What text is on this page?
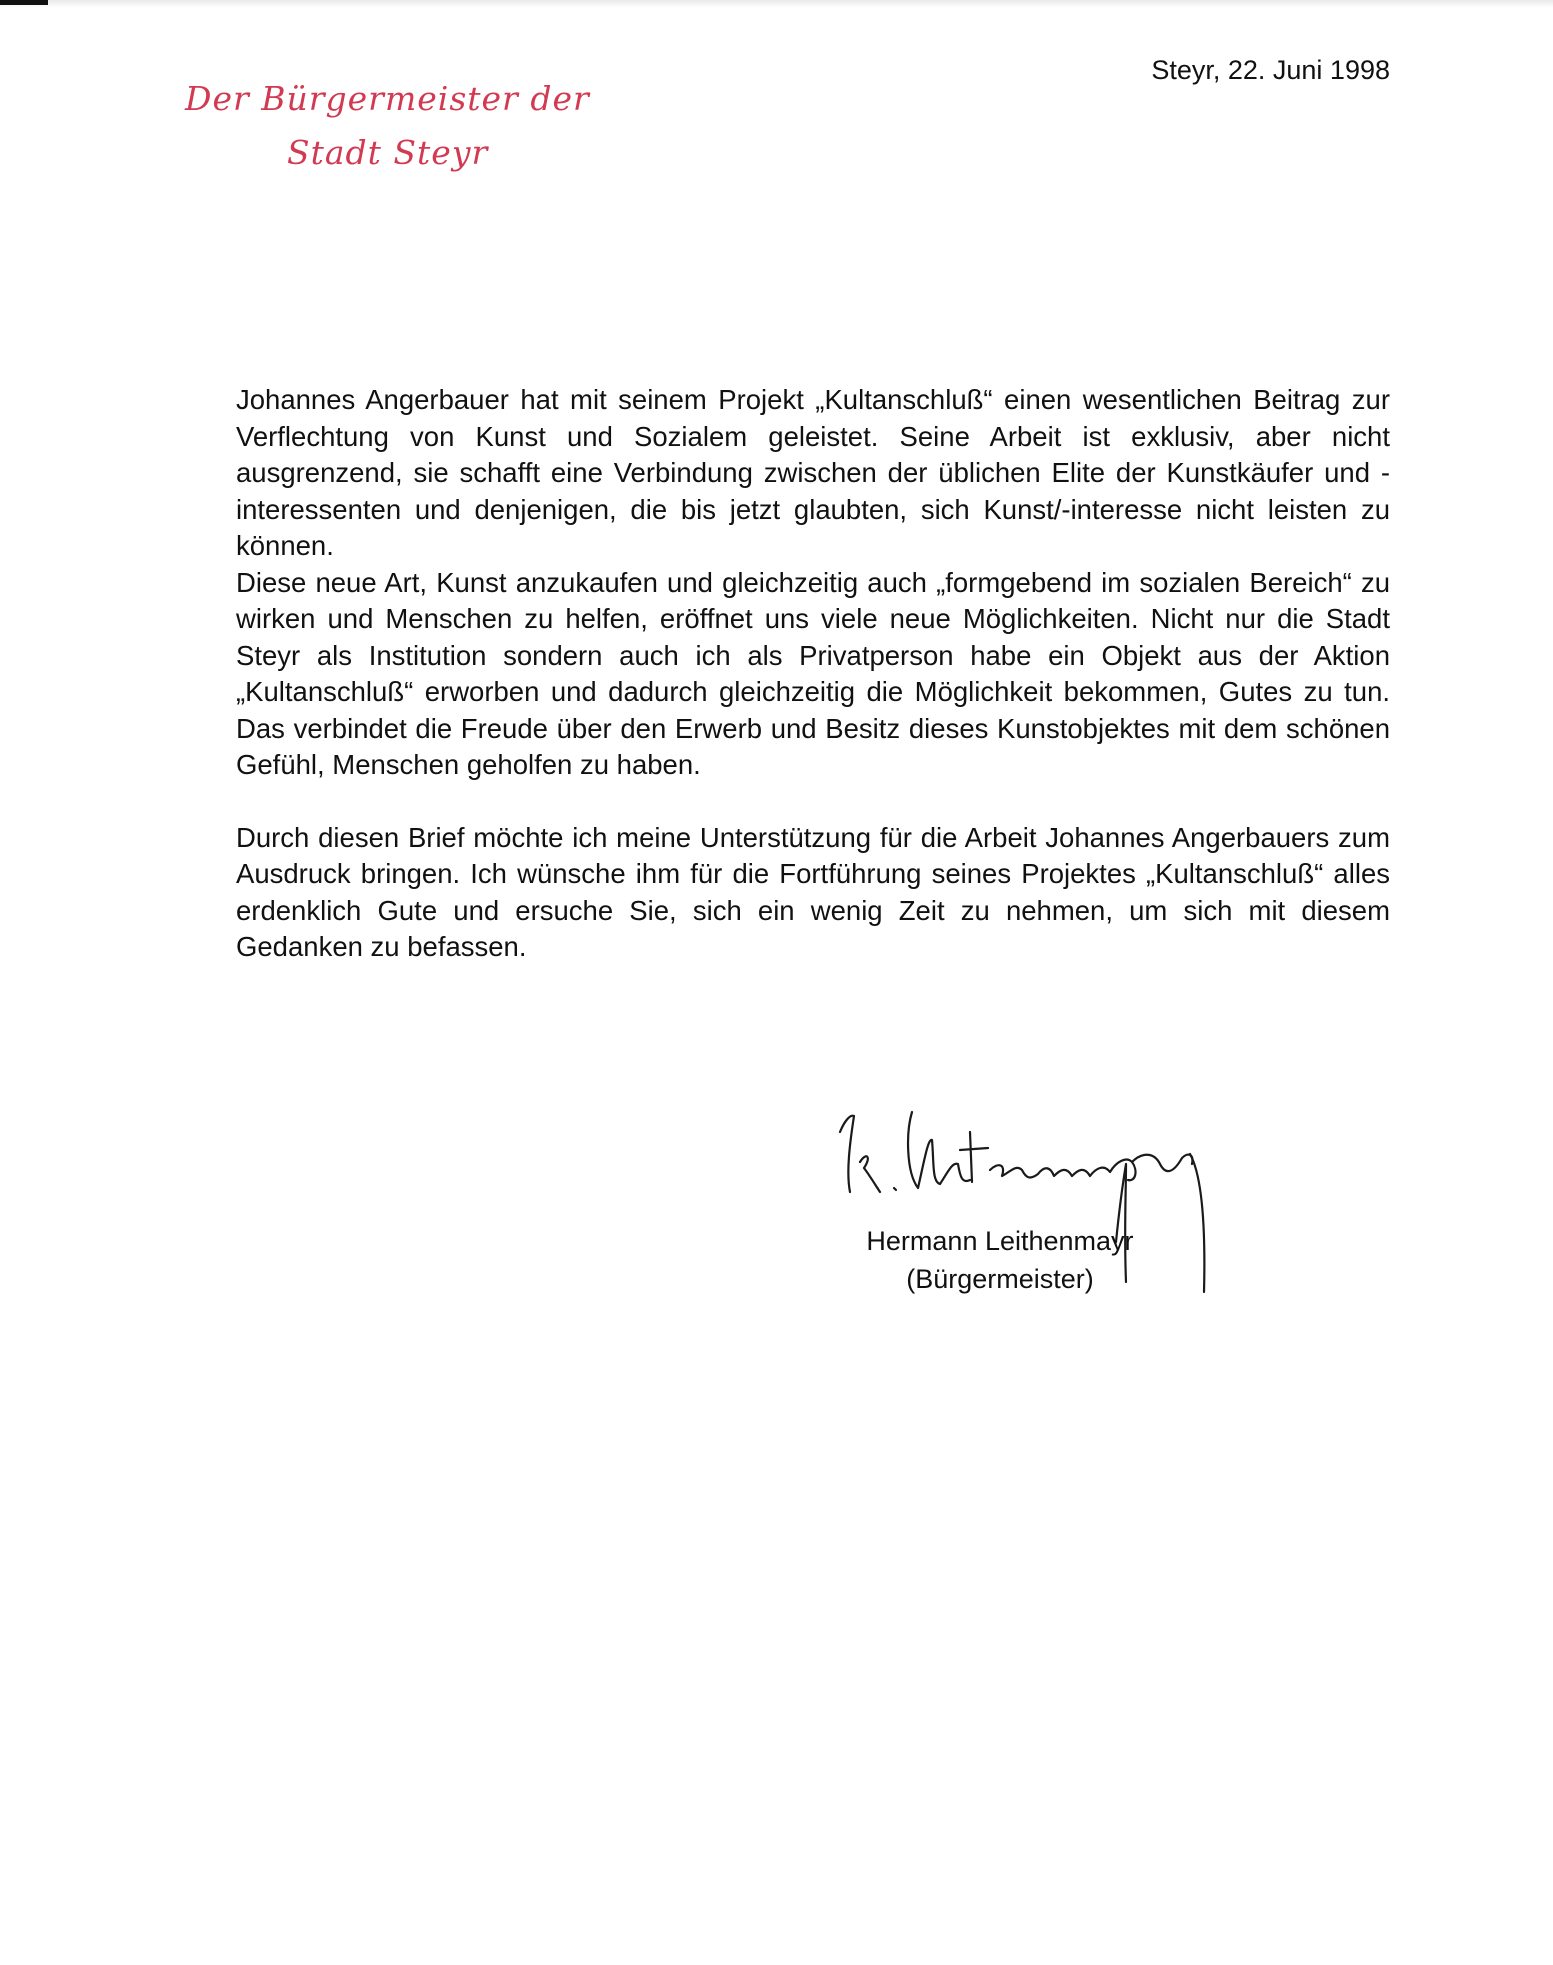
Der Bürgermeister der
Stadt Steyr
Steyr, 22. Juni 1998

Johannes Angerbauer hat mit seinem Projekt „Kultanschluß“ einen wesentlichen Beitrag zur Verflechtung von Kunst und Sozialem geleistet. Seine Arbeit ist exklusiv, aber nicht ausgrenzend, sie schafft eine Verbindung zwischen der üblichen Elite der Kunstkäufer und -interessenten und denjenigen, die bis jetzt glaubten, sich Kunst/-interesse nicht leisten zu können.

Diese neue Art, Kunst anzukaufen und gleichzeitig auch „formgebend im sozialen Bereich“ zu wirken und Menschen zu helfen, eröffnet uns viele neue Möglichkeiten. Nicht nur die Stadt Steyr als Institution sondern auch ich als Privatperson habe ein Objekt aus der Aktion „Kultanschluß“ erworben und dadurch gleichzeitig die Möglichkeit bekommen, Gutes zu tun. Das verbindet die Freude über den Erwerb und Besitz dieses Kunstobjektes mit dem schönen Gefühl, Menschen geholfen zu haben.

Durch diesen Brief möchte ich meine Unterstützung für die Arbeit Johannes Angerbauers zum Ausdruck bringen. Ich wünsche ihm für die Fortführung seines Projektes „Kultanschluß“ alles erdenklich Gute und ersuche Sie, sich ein wenig Zeit zu nehmen, um sich mit diesem Gedanken zu befassen.

Hermann Leithenmayr
(Bürgermeister)
